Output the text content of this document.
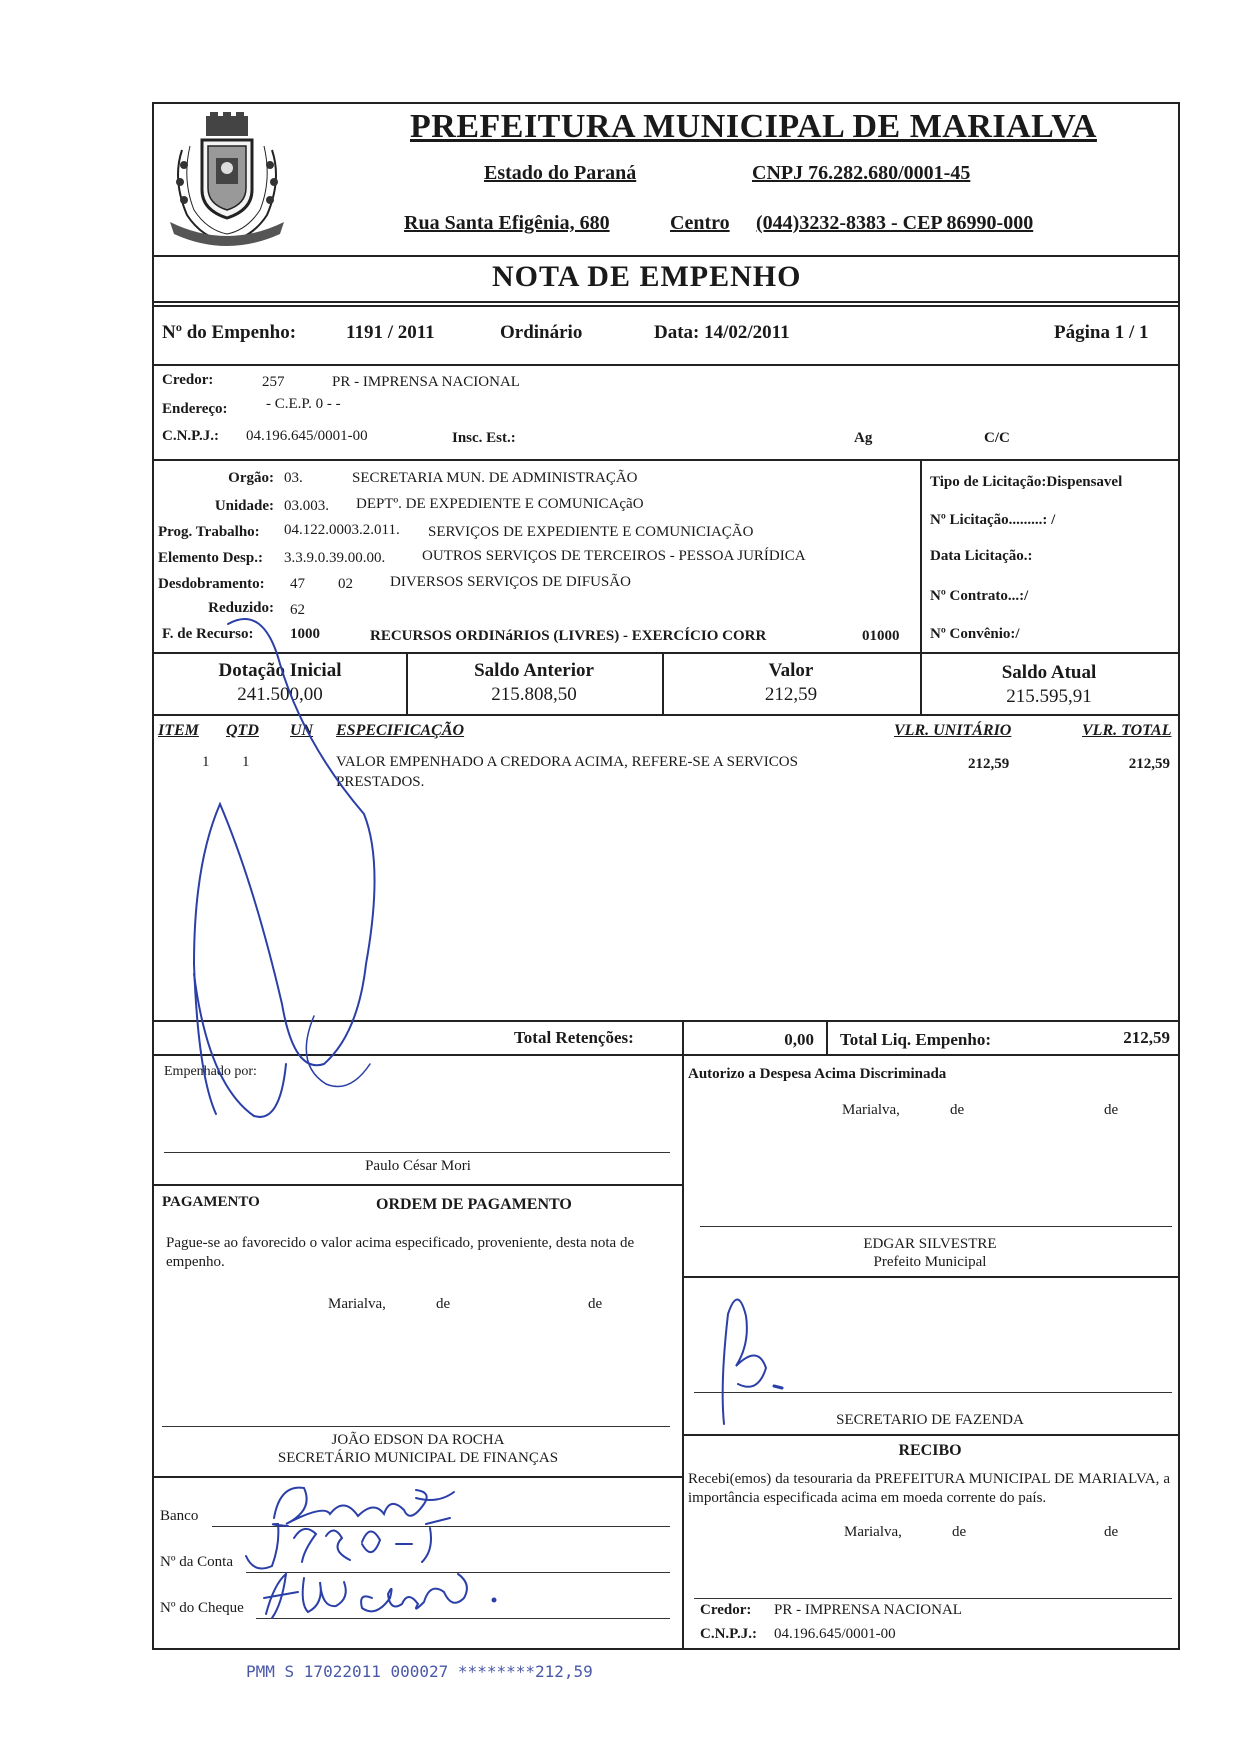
PREFEITURA MUNICIPAL DE MARIALVA
Estado do Paraná	CNPJ 76.282.680/0001-45
Rua Santa Efigênia, 680	Centro (044)3232-8383 - CEP 86990-000
NOTA DE EMPENHO
Nº do Empenho:	1191 / 2011	Ordinário	Data: 14/02/2011	Página 1 / 1
Credor:	257	PR - IMPRENSA NACIONAL
Endereço:	- C.E.P. 0 - -
C.N.P.J.: 04.196.645/0001-00	Insc. Est.:	Ag	C/C
Orgão: 03.	SECRETARIA MUN. DE ADMINISTRAÇÃO
Unidade: 03.003. DEPTº. DE EXPEDIENTE E COMUNICAçãO
Prog. Trabalho: 04.122.0003.2.011. SERVIÇOS DE EXPEDIENTE E COMUNICIAÇÃO
Elemento Desp.: 3.3.9.0.39.00.00. OUTROS SERVIÇOS DE TERCEIROS - PESSOA JURÍDICA
Desdobramento: 47 02 DIVERSOS SERVIÇOS DE DIFUSÃO
Reduzido: 62
F. de Recurso: 1000	RECURSOS ORDINáRIOS (LIVRES) - EXERCÍCIO CORR	01000
Tipo de Licitação:Dispensavel
Nº Licitação.........: /
Data Licitação.:
Nº Contrato...:/
Nº Convênio:/
Dotação Inicial
241.500,00
Saldo Anterior
215.808,50
Valor
212,59
Saldo Atual
215.595,91
ITEM QTD UN ESPECIFICAÇÃO	VLR. UNITÁRIO	VLR. TOTAL
1 1	VALOR EMPENHADO A CREDORA ACIMA, REFERE-SE A SERVICOS
PRESTADOS.
212,59	212,59
Total Retenções:	0,00 Total Liq. Empenho:	212,59
Empenhado por:
Paulo César Mori
Autorizo a Despesa Acima Discriminada
Marialva,	de	de
EDGAR SILVESTRE
Prefeito Municipal
PAGAMENTO	ORDEM DE PAGAMENTO
Pague-se ao favorecido o valor acima especificado, proveniente, desta nota de empenho.
Marialva,	de	de
JOÃO EDSON DA ROCHA
SECRETÁRIO MUNICIPAL DE FINANÇAS
SECRETARIO DE FAZENDA
Banco
Nº da Conta
Nº do Cheque
RECIBO
Recebi(emos) da tesouraria da PREFEITURA MUNICIPAL DE MARIALVA, a importância especificada acima em moeda corrente do país.
Marialva,	de	de
Credor: PR - IMPRENSA NACIONAL
C.N.P.J.: 04.196.645/0001-00
PMM S 17022011 000027 ********212,59
